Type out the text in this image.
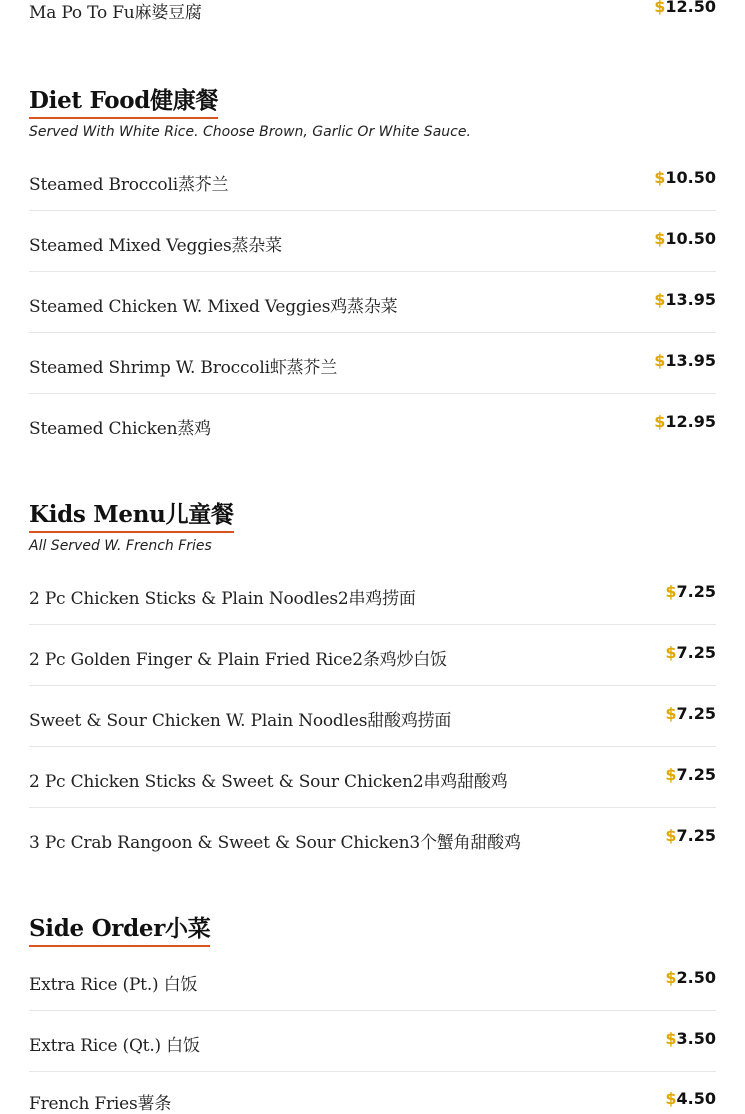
Ma Po To Fu麻婆豆腐	$12.50
Diet Food健康餐
Served With White Rice. Choose Brown, Garlic Or White Sauce.
Steamed Broccoli蒸芥兰	$10.50
Steamed Mixed Veggies蒸杂菜	$10.50
Steamed Chicken W. Mixed Veggies鸡蒸杂菜	$13.95
Steamed Shrimp W. Broccoli虾蒸芥兰	$13.95
Steamed Chicken蒸鸡	$12.95
Kids Menu儿童餐
All Served W. French Fries
2 Pc Chicken Sticks & Plain Noodles2串鸡捞面	$7.25
2 Pc Golden Finger & Plain Fried Rice2条鸡炒白饭	$7.25
Sweet & Sour Chicken W. Plain Noodles甜酸鸡捞面	$7.25
2 Pc Chicken Sticks & Sweet & Sour Chicken2串鸡甜酸鸡	$7.25
3 Pc Crab Rangoon & Sweet & Sour Chicken3个蟹角甜酸鸡	$7.25
Side Order小菜
Extra Rice (Pt.) 白饭	$2.50
Extra Rice (Qt.) 白饭	$3.50
French Fries薯条	$4.50
